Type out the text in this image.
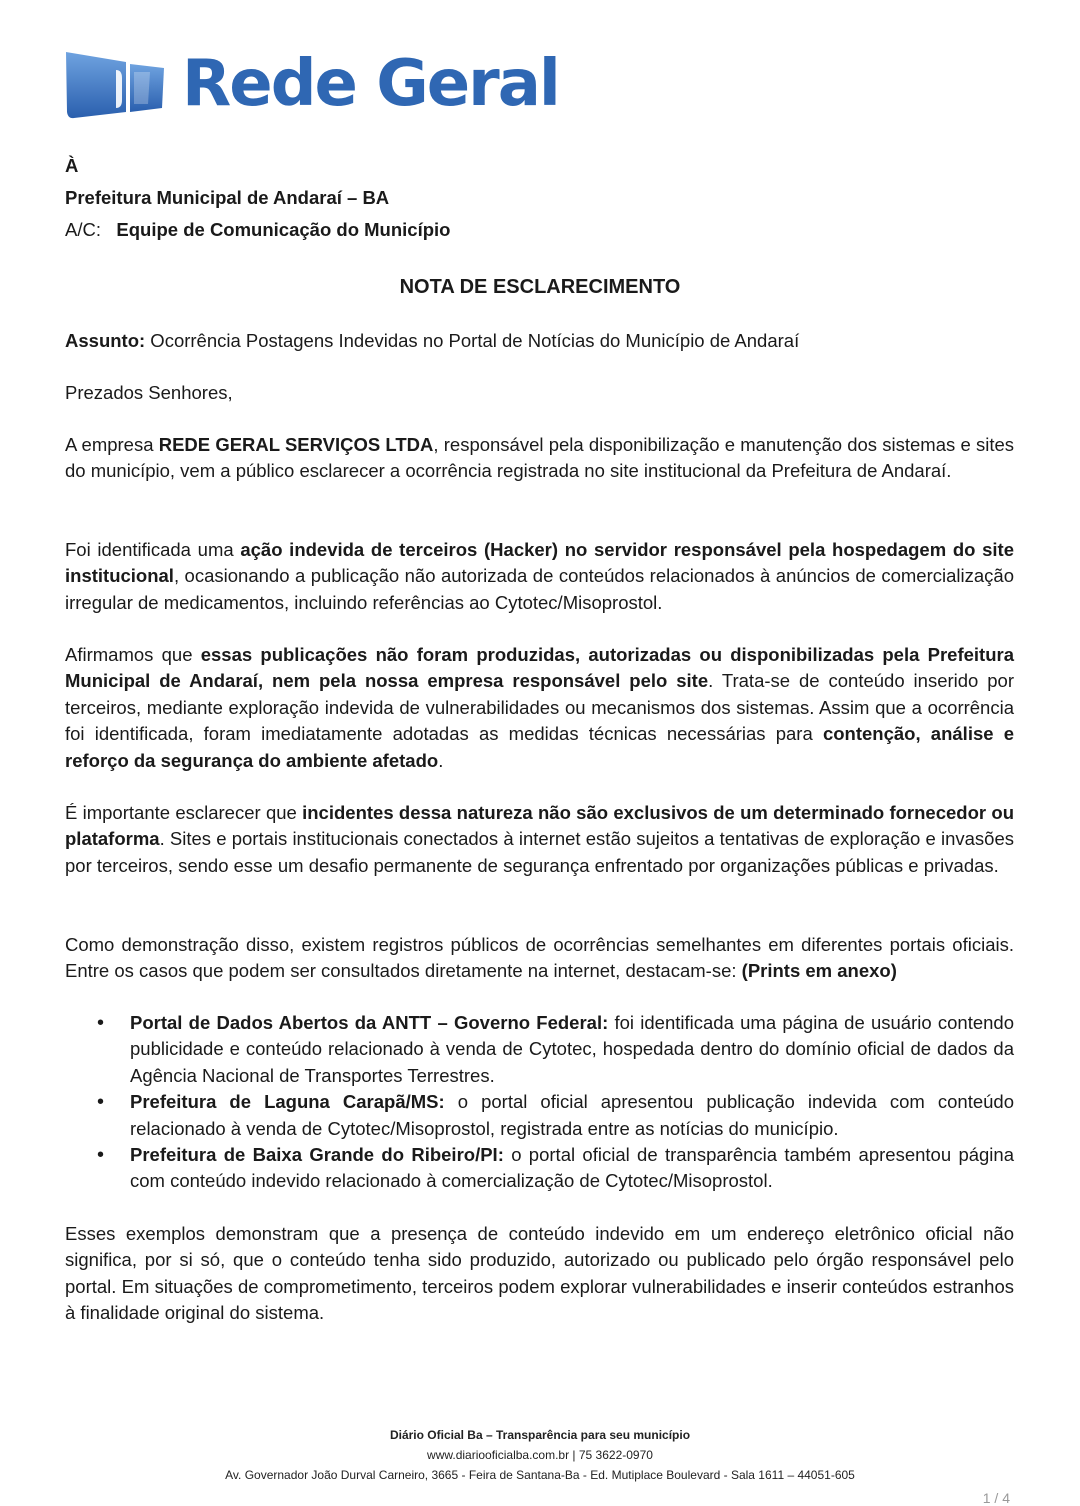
Rede Geral
À
Prefeitura Municipal de Andaraí – BA
A/C: Equipe de Comunicação do Município
NOTA DE ESCLARECIMENTO
Assunto: Ocorrência Postagens Indevidas no Portal de Notícias do Município de Andaraí
Prezados Senhores,
A empresa REDE GERAL SERVIÇOS LTDA, responsável pela disponibilização e manutenção dos sistemas e sites do município, vem a público esclarecer a ocorrência registrada no site institucional da Prefeitura de Andaraí.
Foi identificada uma ação indevida de terceiros (Hacker) no servidor responsável pela hospedagem do site institucional, ocasionando a publicação não autorizada de conteúdos relacionados à anúncios de comercialização irregular de medicamentos, incluindo referências ao Cytotec/Misoprostol.
Afirmamos que essas publicações não foram produzidas, autorizadas ou disponibilizadas pela Prefeitura Municipal de Andaraí, nem pela nossa empresa responsável pelo site. Trata-se de conteúdo inserido por terceiros, mediante exploração indevida de vulnerabilidades ou mecanismos dos sistemas. Assim que a ocorrência foi identificada, foram imediatamente adotadas as medidas técnicas necessárias para contenção, análise e reforço da segurança do ambiente afetado.
É importante esclarecer que incidentes dessa natureza não são exclusivos de um determinado fornecedor ou plataforma. Sites e portais institucionais conectados à internet estão sujeitos a tentativas de exploração e invasões por terceiros, sendo esse um desafio permanente de segurança enfrentado por organizações públicas e privadas.
Como demonstração disso, existem registros públicos de ocorrências semelhantes em diferentes portais oficiais. Entre os casos que podem ser consultados diretamente na internet, destacam-se: (Prints em anexo)
• Portal de Dados Abertos da ANTT – Governo Federal: foi identificada uma página de usuário contendo publicidade e conteúdo relacionado à venda de Cytotec, hospedada dentro do domínio oficial de dados da Agência Nacional de Transportes Terrestres.
• Prefeitura de Laguna Carapã/MS: o portal oficial apresentou publicação indevida com conteúdo relacionado à venda de Cytotec/Misoprostol, registrada entre as notícias do município.
• Prefeitura de Baixa Grande do Ribeiro/PI: o portal oficial de transparência também apresentou página com conteúdo indevido relacionado à comercialização de Cytotec/Misoprostol.
Esses exemplos demonstram que a presença de conteúdo indevido em um endereço eletrônico oficial não significa, por si só, que o conteúdo tenha sido produzido, autorizado ou publicado pelo órgão responsável pelo portal. Em situações de comprometimento, terceiros podem explorar vulnerabilidades e inserir conteúdos estranhos à finalidade original do sistema.
Diário Oficial Ba – Transparência para seu município
www.diariooficialba.com.br | 75 3622-0970
Av. Governador João Durval Carneiro, 3665 - Feira de Santana-Ba - Ed. Mutiplace Boulevard - Sala 1611 – 44051-605
1 / 4
